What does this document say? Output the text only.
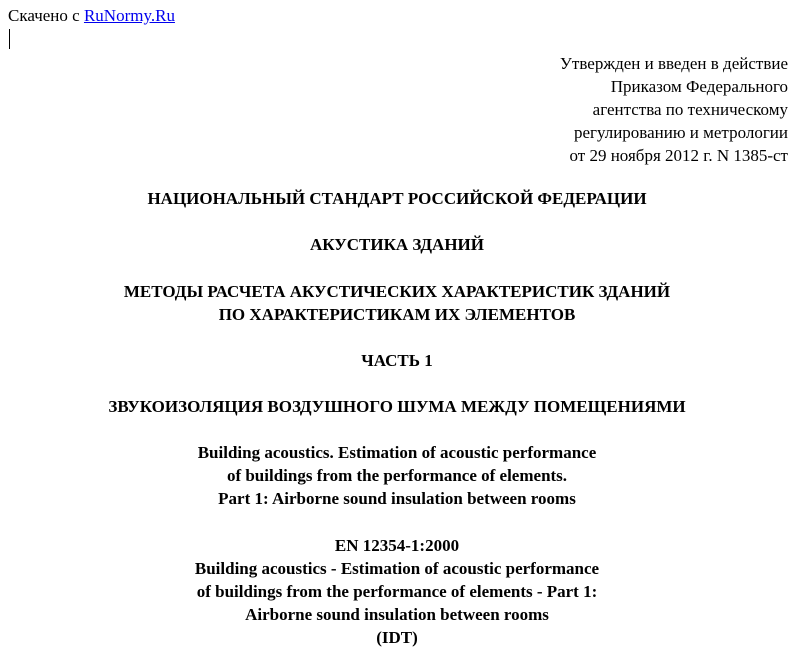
Скачено с RuNormy.Ru
Утвержден и введен в действие
Приказом Федерального
агентства по техническому
регулированию и метрологии
от 29 ноября 2012 г. N 1385-ст
НАЦИОНАЛЬНЫЙ СТАНДАРТ РОССИЙСКОЙ ФЕДЕРАЦИИ
АКУСТИКА ЗДАНИЙ
МЕТОДЫ РАСЧЕТА АКУСТИЧЕСКИХ ХАРАКТЕРИСТИК ЗДАНИЙ
ПО ХАРАКТЕРИСТИКАМ ИХ ЭЛЕМЕНТОВ
ЧАСТЬ 1
ЗВУКОИЗОЛЯЦИЯ ВОЗДУШНОГО ШУМА МЕЖДУ ПОМЕЩЕНИЯМИ
Building acoustics. Estimation of acoustic performance
of buildings from the performance of elements.
Part 1: Airborne sound insulation between rooms
EN 12354-1:2000
Building acoustics - Estimation of acoustic performance
of buildings from the performance of elements - Part 1:
Airborne sound insulation between rooms
(IDT)
